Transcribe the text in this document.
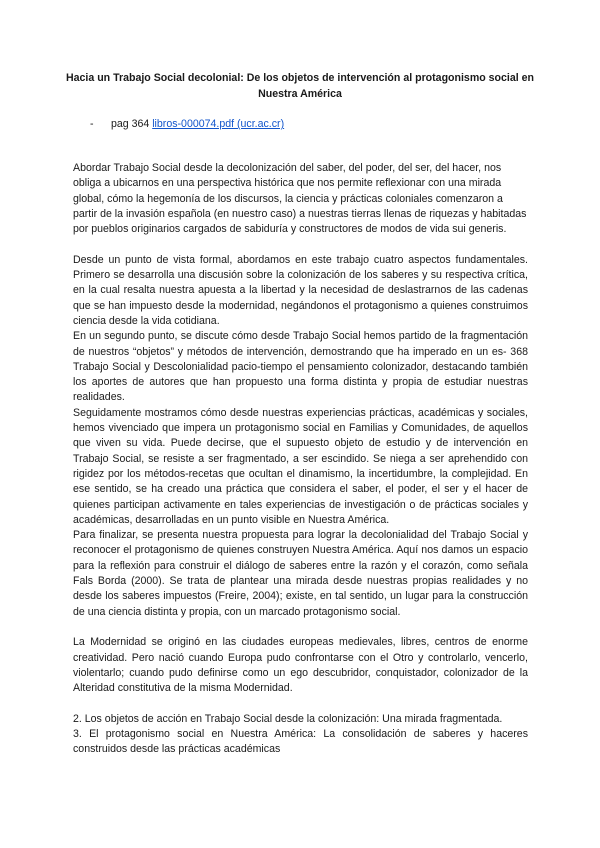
Hacia un Trabajo Social decolonial: De los objetos de intervención al protagonismo social en Nuestra América
- pag 364 libros-000074.pdf (ucr.ac.cr)

Abordar Trabajo Social desde la decolonización del saber, del poder, del ser, del hacer, nos obliga a ubicarnos en una perspectiva histórica que nos permite reflexionar con una mirada global, cómo la hegemonía de los discursos, la ciencia y prácticas coloniales comenzaron a partir de la invasión española (en nuestro caso) a nuestras tierras llenas de riquezas y habitadas por pueblos originarios cargados de sabiduría y constructores de modos de vida sui generis.

Desde un punto de vista formal, abordamos en este trabajo cuatro aspectos fundamentales. Primero se desarrolla una discusión sobre la colonización de los saberes y su respectiva crítica, en la cual resalta nuestra apuesta a la libertad y la necesidad de deslastrarnos de las cadenas que se han impuesto desde la modernidad, negándonos el protagonismo a quienes construimos ciencia desde la vida cotidiana.

En un segundo punto, se discute cómo desde Trabajo Social hemos partido de la fragmentación de nuestros “objetos” y métodos de intervención, demostrando que ha imperado en un es- 368 Trabajo Social y Descolonialidad pacio-tiempo el pensamiento colonizador, destacando también los aportes de autores que han propuesto una forma distinta y propia de estudiar nuestras realidades.

Seguidamente mostramos cómo desde nuestras experiencias prácticas, académicas y sociales, hemos vivenciado que impera un protagonismo social en Familias y Comunidades, de aquellos que viven su vida. Puede decirse, que el supuesto objeto de estudio y de intervención en Trabajo Social, se resiste a ser fragmentado, a ser escindido. Se niega a ser aprehendido con rigidez por los métodos-recetas que ocultan el dinamismo, la incertidumbre, la complejidad. En ese sentido, se ha creado una práctica que considera el saber, el poder, el ser y el hacer de quienes participan activamente en tales experiencias de investigación o de prácticas sociales y académicas, desarrolladas en un punto visible en Nuestra América.

Para finalizar, se presenta nuestra propuesta para lograr la decolonialidad del Trabajo Social y reconocer el protagonismo de quienes construyen Nuestra América. Aquí nos damos un espacio para la reflexión para construir el diálogo de saberes entre la razón y el corazón, como señala Fals Borda (2000). Se trata de plantear una mirada desde nuestras propias realidades y no desde los saberes impuestos (Freire, 2004); existe, en tal sentido, un lugar para la construcción de una ciencia distinta y propia, con un marcado protagonismo social.

La Modernidad se originó en las ciudades europeas medievales, libres, centros de enorme creatividad. Pero nació cuando Europa pudo confrontarse con el Otro y controlarlo, vencerlo, violentarlo; cuando pudo definirse como un ego descubridor, conquistador, colonizador de la Alteridad constitutiva de la misma Modernidad.

2. Los objetos de acción en Trabajo Social desde la colonización: Una mirada fragmentada.

3. El protagonismo social en Nuestra América: La consolidación de saberes y haceres construidos desde las prácticas académicas
